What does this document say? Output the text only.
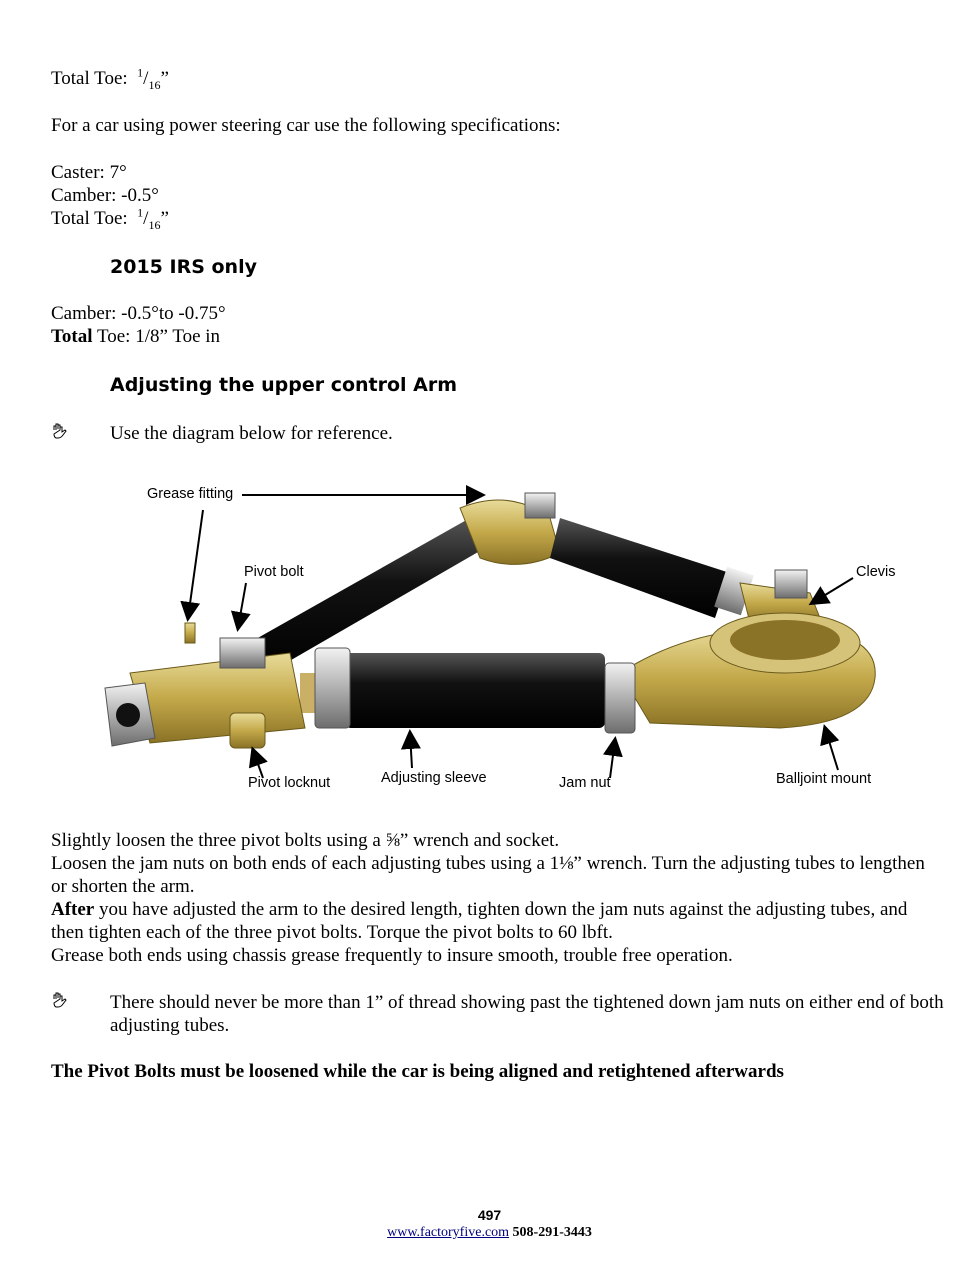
Total Toe: $^1/_{16}$”
For a car using power steering car use the following specifications:
Caster: 7°
Camber: -0.5°
Total Toe: $^1/_{16}$”
2015 IRS only
Camber: -0.5°to -0.75°
Total Toe: 1/8” Toe in
Adjusting the upper control Arm
Use the diagram below for reference.
Grease fitting
Pivot bolt	Clevis
Pivot locknut	Adjusting sleeve	Jam nut	Balljoint mount
Slightly loosen the three pivot bolts using a ⅝” wrench and socket.
Loosen the jam nuts on both ends of each adjusting tubes using a 1⅛” wrench. Turn the adjusting tubes to lengthen or shorten the arm.
After you have adjusted the arm to the desired length, tighten down the jam nuts against the adjusting tubes, and then tighten each of the three pivot bolts. Torque the pivot bolts to 60 lbft.
Grease both ends using chassis grease frequently to insure smooth, trouble free operation.
There should never be more than 1” of thread showing past the tightened down jam nuts on either end of both adjusting tubes.
The Pivot Bolts must be loosened while the car is being aligned and retightened afterwards
497
www.factoryfive.com 508-291-3443
